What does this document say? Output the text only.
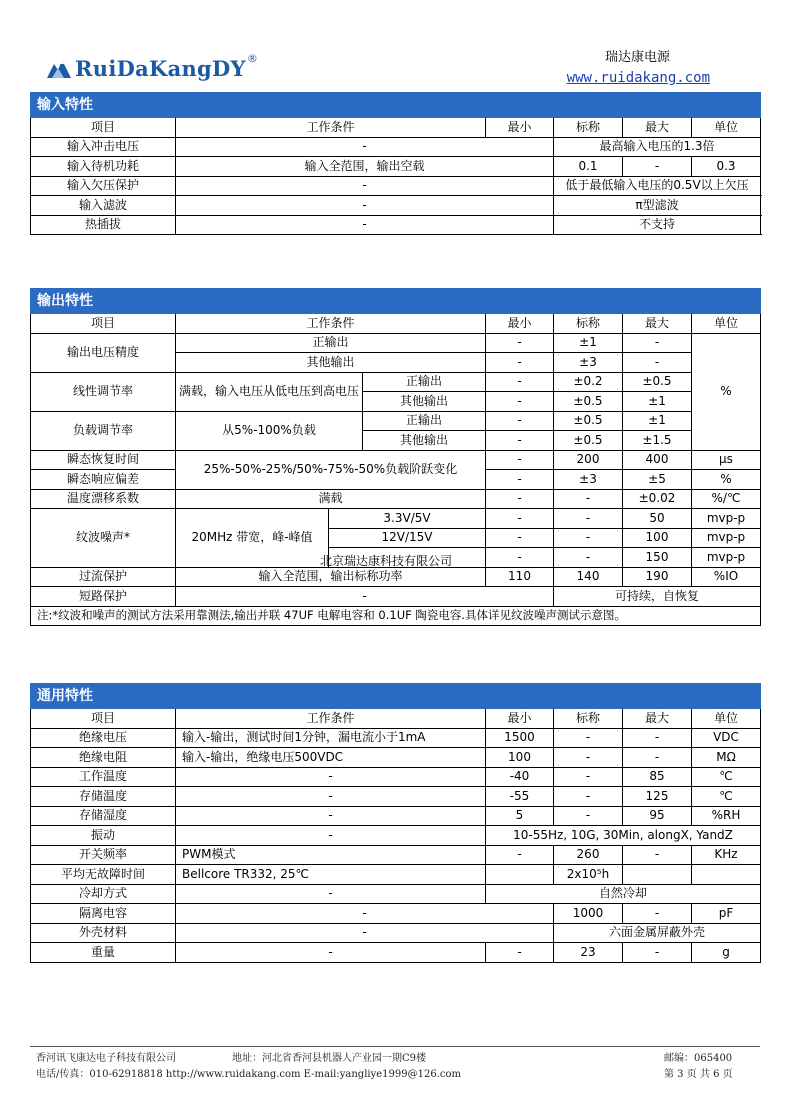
RuiDaKangDY ®	瑞达康电源
www.ruidakang.com
输入特性						
项目	工作条件	最小	标称	最大	单位	
输入冲击电压	-		最高输入电压的1.3倍			
输入待机功耗	输入全范围，输出空载		0.1	-	0.3	
输入欠压保护	-		低于最低输入电压的0.5V以上欠压			
输入滤波	-		π型滤波			
热插拔	-		不支持			
输出特性							
项目	工作条件			最小	标称	最大	单位
输出电压精度	正输出			-	±1	-	%
	其他输出			-	±3	-	
线性调节率	满载，输入电压从低电压到高电压		正输出	-	±0.2	±0.5	
			其他输出	-	±0.5	±1	
负载调节率	从5%-100%负载		正输出	-	±0.5	±1	
			其他输出	-	±0.5	±1.5	
瞬态恢复时间	25%-50%-25%/50%-75%-50%负载阶跃变化			-	200	400	μs
瞬态响应偏差				-	±3	±5	%
温度漂移系数	满载			-	-	±0.02	%/℃
纹波噪声*	20MHz 带宽，峰-峰值	3.3V/5V		-	-	50	mvp-p
		12V/15V		-	-	100	mvp-p
				-	-	150	mvp-p
过流保护	输入全范围，输出标称功率			110	140	190	%IO
短路保护	-				可持续，自恢复		
注:*纹波和噪声的测试方法采用靠测法,输出并联 47UF 电解电容和 0.1UF 陶瓷电容.具体详见纹波噪声测试示意图。							
北京瑞达康科技有限公司
通用特性					
项目	工作条件	最小	标称	最大	单位
绝缘电压	输入-输出，测试时间1分钟，漏电流小于1mA	1500	-	-	VDC
绝缘电阻	输入-输出，绝缘电压500VDC	100	-	-	MΩ
工作温度	-	-40	-	85	℃
存储温度	-	-55	-	125	℃
存储湿度	-	5	-	95	%RH
振动	-	10-55Hz, 10G, 30Min, alongX, YandZ			
开关频率	PWM模式	-	260	-	KHz
平均无故障时间	Bellcore TR332, 25℃		2x10⁵h		
冷却方式	-	自然冷却			
隔离电容	-		1000	-	pF
外壳材料	-		六面金属屏蔽外壳		
重量	-	-	23	-	g
香河讯飞康达电子科技有限公司	地址：河北省香河县机器人产业园一期C9楼	邮编：065400
电话/传真：010-62918818 http://www.ruidakang.com E-mail:yangliye1999@126.com	第 3 页 共 6 页
